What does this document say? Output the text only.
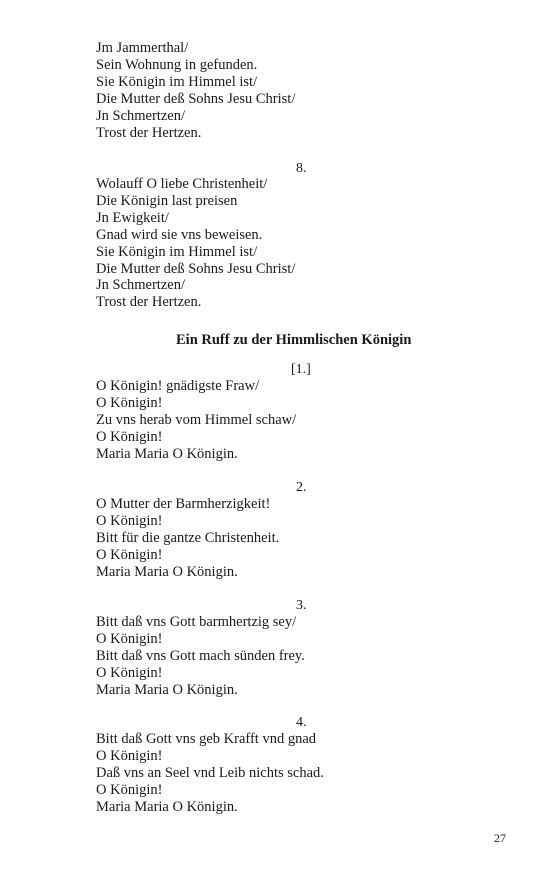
Jm Jammerthal/
Sein Wohnung in gefunden.
Sie Königin im Himmel ist/
Die Mutter deß Sohns Jesu Christ/
Jn Schmertzen/
Trost der Hertzen.
8.
Wolauff O liebe Christenheit/
Die Königin last preisen
Jn Ewigkeit/
Gnad wird sie vns beweisen.
Sie Königin im Himmel ist/
Die Mutter deß Sohns Jesu Christ/
Jn Schmertzen/
Trost der Hertzen.
Ein Ruff zu der Himmlischen Königin
[1.]
O Königin! gnädigste Fraw/
O Königin!
Zu vns herab vom Himmel schaw/
O Königin!
Maria Maria O Königin.
2.
O Mutter der Barmherzigkeit!
O Königin!
Bitt für die gantze Christenheit.
O Königin!
Maria Maria O Königin.
3.
Bitt daß vns Gott barmhertzig sey/
O Königin!
Bitt daß vns Gott mach sünden frey.
O Königin!
Maria Maria O Königin.
4.
Bitt daß Gott vns geb Krafft vnd gnad
O Königin!
Daß vns an Seel vnd Leib nichts schad.
O Königin!
Maria Maria O Königin.
27
